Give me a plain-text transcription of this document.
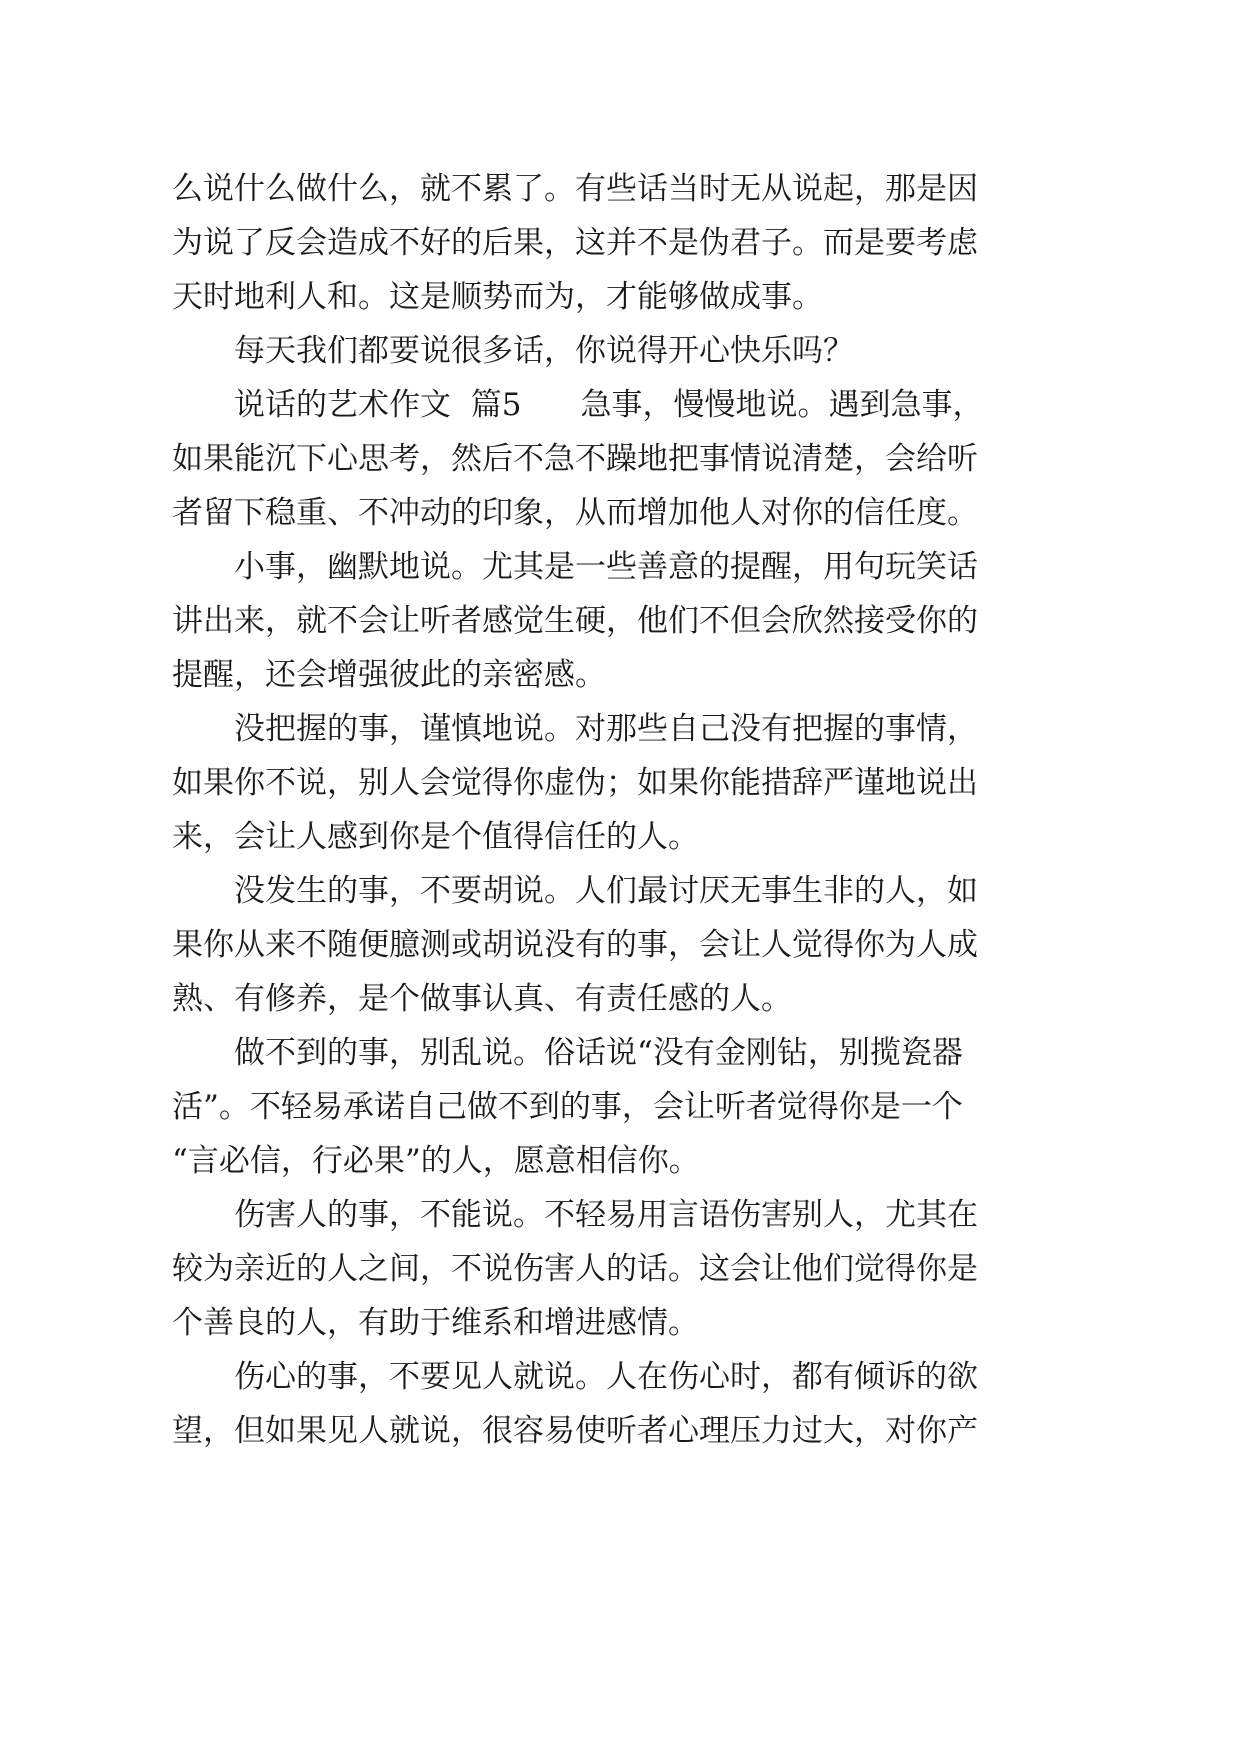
么说什么做什么，就不累了。有些话当时无从说起，那是因

为说了反会造成不好的后果，这并不是伪君子。而是要考虑

天时地利人和。这是顺势而为，才能够做成事。

每天我们都要说很多话，你说得开心快乐吗？

说话的艺术作文  篇5      急事，慢慢地说。遇到急事，

如果能沉下心思考，然后不急不躁地把事情说清楚，会给听

者留下稳重、不冲动的印象，从而增加他人对你的信任度。

小事，幽默地说。尤其是一些善意的提醒，用句玩笑话

讲出来，就不会让听者感觉生硬，他们不但会欣然接受你的

提醒，还会增强彼此的亲密感。

没把握的事，谨慎地说。对那些自己没有把握的事情，

如果你不说，别人会觉得你虚伪；如果你能措辞严谨地说出

来，会让人感到你是个值得信任的人。

没发生的事，不要胡说。人们最讨厌无事生非的人，如

果你从来不随便臆测或胡说没有的事，会让人觉得你为人成

熟、有修养，是个做事认真、有责任感的人。

做不到的事，别乱说。俗话说“没有金刚钻，别揽瓷器

活”。不轻易承诺自己做不到的事，会让听者觉得你是一个

“言必信，行必果”的人，愿意相信你。

伤害人的事，不能说。不轻易用言语伤害别人，尤其在

较为亲近的人之间，不说伤害人的话。这会让他们觉得你是

个善良的人，有助于维系和增进感情。

伤心的事，不要见人就说。人在伤心时，都有倾诉的欲

望，但如果见人就说，很容易使听者心理压力过大，对你产
